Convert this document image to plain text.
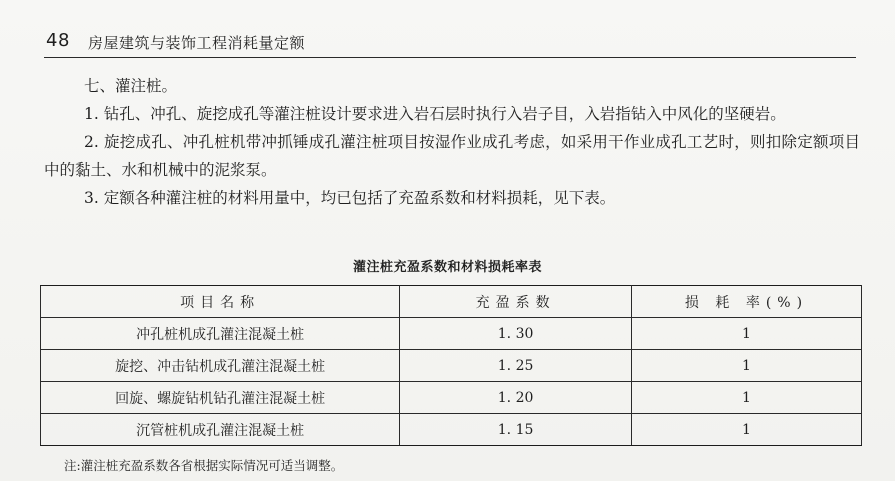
48 房屋建筑与装饰工程消耗量定额

七、灌注桩。

1. 钻孔、冲孔、旋挖成孔等灌注桩设计要求进入岩石层时执行入岩子目，入岩指钻入中风化的坚硬岩。

2. 旋挖成孔、冲孔桩机带冲抓锤成孔灌注桩项目按湿作业成孔考虑，如采用干作业成孔工艺时，则扣除定额项目中的黏土、水和机械中的泥浆泵。

3. 定额各种灌注桩的材料用量中，均已包括了充盈系数和材料损耗，见下表。

灌注桩充盈系数和材料损耗率表
项目名称	充盈系数	损 耗 率(%)
冲孔桩机成孔灌注混凝土桩	1. 30	1
旋挖、冲击钻机成孔灌注混凝土桩	1. 25	1
回旋、螺旋钻机钻孔灌注混凝土桩	1. 20	1
沉管桩机成孔灌注混凝土桩	1. 15	1
注:灌注桩充盈系数各省根据实际情况可适当调整。
